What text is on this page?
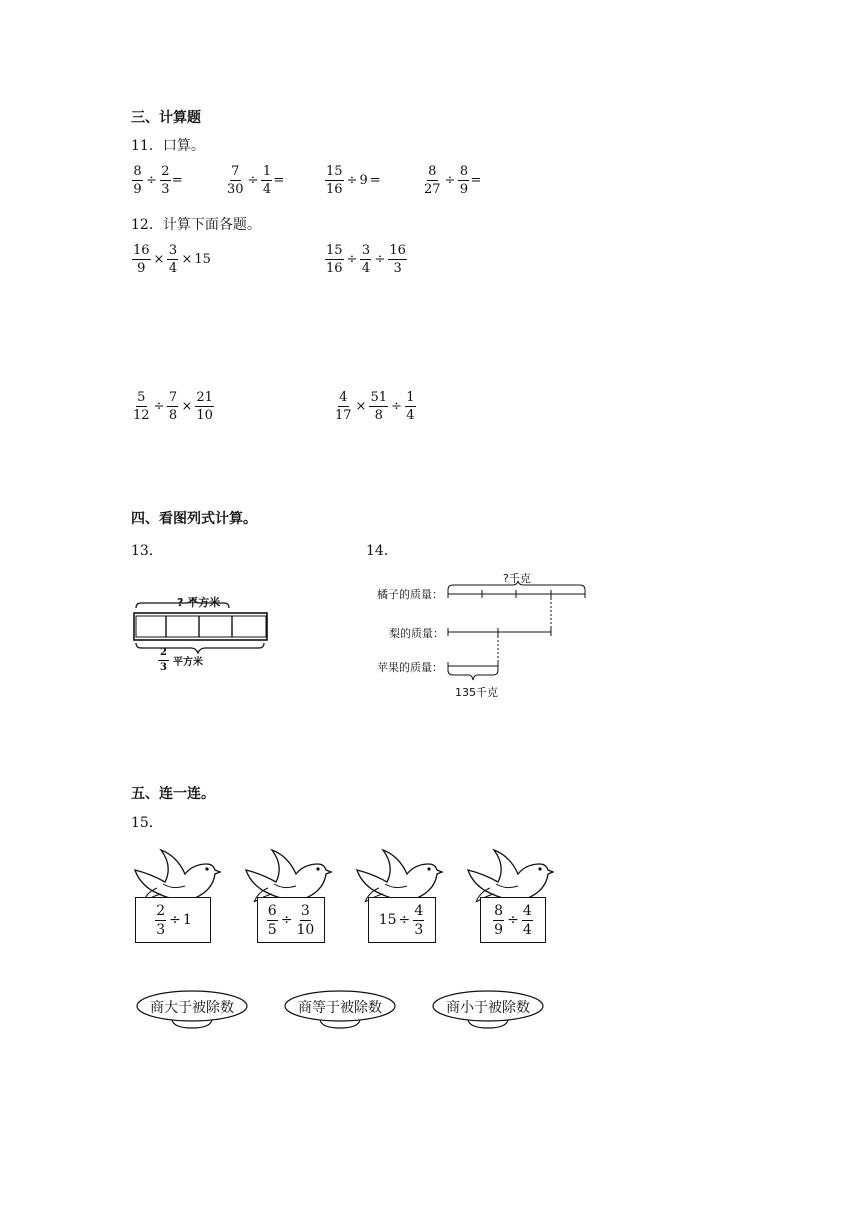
三、计算题
11．口算。
$\frac{8}{9} \div \frac{2}{3}$ =	$\frac{7}{30} \div \frac{1}{4}$ =	$\frac{15}{16} \div 9$ =	$\frac{8}{27} \div \frac{8}{9}$ =
12．计算下面各题。
$\frac{16}{9} \times \frac{3}{4} \times 15$	$\frac{15}{16} \div \frac{3}{4} \div \frac{16}{3}$
$\frac{5}{12} \div \frac{7}{8} \times \frac{21}{10}$	$\frac{4}{17} \times \frac{51}{8} \div \frac{1}{4}$
四、看图列式计算。
13．	14．
? 平方米
$\frac{2}{3}$ 平方米
?千克
橘子的质量：
梨的质量：
苹果的质量：
135千克
五、连一连。
15．
$\frac{2}{3} \div 1$	$\frac{6}{5} \div \frac{3}{10}$	$15 \div \frac{4}{3}$	$\frac{8}{9} \div \frac{4}{4}$
商大于被除数	商等于被除数	商小于被除数
